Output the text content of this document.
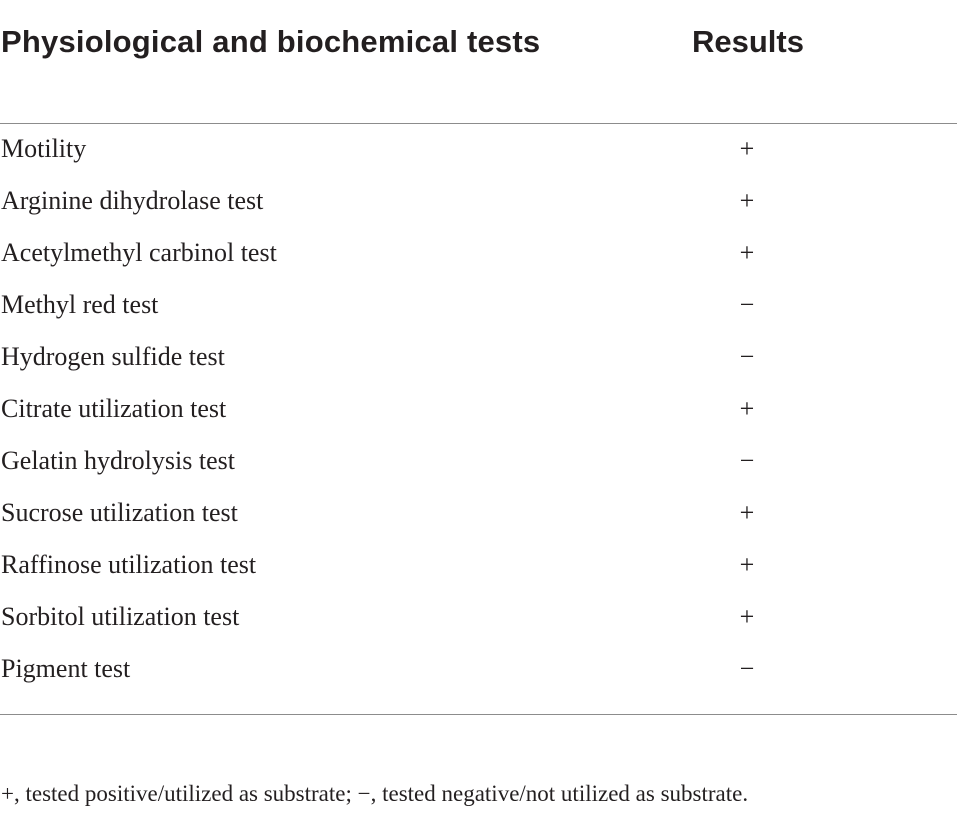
Physiological and biochemical tests	Results
Motility	+
Arginine dihydrolase test	+
Acetylmethyl carbinol test	+
Methyl red test	−
Hydrogen sulfide test	−
Citrate utilization test	+
Gelatin hydrolysis test	−
Sucrose utilization test	+
Raffinose utilization test	+
Sorbitol utilization test	+
Pigment test	−
+, tested positive/utilized as substrate; −, tested negative/not utilized as substrate.
